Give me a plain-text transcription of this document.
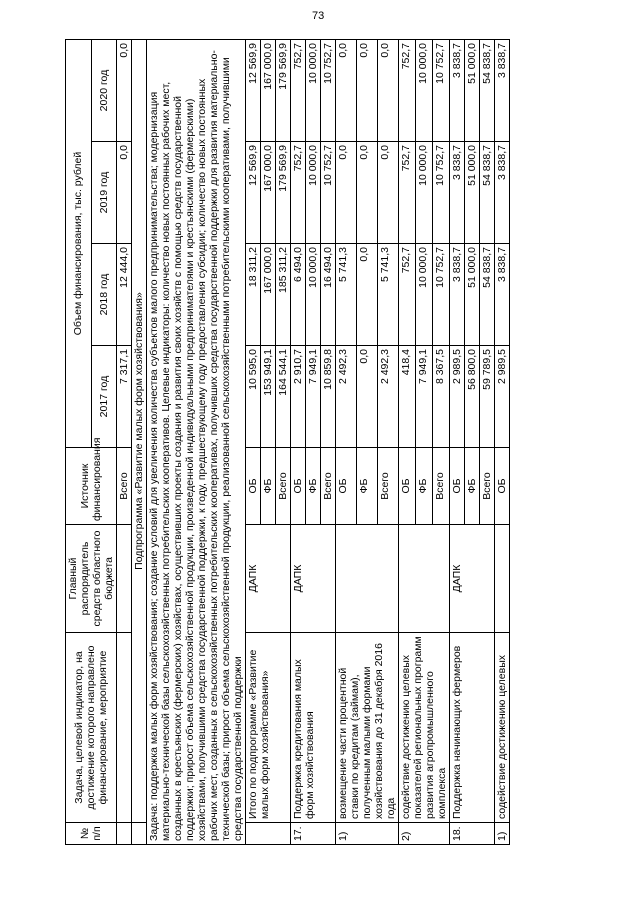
73
№ п/п	Задача, целевой индикатор, на достижение которого направлено финансирование, мероприятие	Главный распорядитель средств областного бюджета	Источник финансирования	Объем финансирования, тыс. рублей			
				2017 год	2018 год	2019 год	2020 год
			Всего	7 317,1	12 444,0	0,0	0,0
	Подпрограмма «Развитие малых форм хозяйствования»						
Задача: поддержка малых форм хозяйствования; создание условий для увеличения количества субъектов малого предпринимательства; модернизация материально-технической базы сельскохозяйственных потребительских кооперативов. Целевые индикаторы: количество новых постоянных рабочих мест, созданных в крестьянских (фермерских) хозяйствах, осуществивших проекты создания и развития своих хозяйств с помощью средств государственной поддержки; прирост объема сельскохозяйственной продукции, произведенной индивидуальными предпринимателями и крестьянскими (фермерскими) хозяйствами, получившими средства государственной поддержки, к году, предшествующему году предоставления субсидии; количество новых постоянных рабочих мест, созданных в сельскохозяйственных потребительских кооперативах, получивших средства государственной поддержки для развития материально-технической базы; прирост объема сельскохозяйственной продукции, реализованной сельскохозяйственными потребительскими кооперативами, получившими средства государственной поддержки							
	Итого по подпрограмме «Развитие малых форм хозяйствования»	ДАПК	ОБ	10 595,0	18 311,2	12 569,9	12 569,9
			ФБ	153 949,1	167 000,0	167 000,0	167 000,0
			Всего	164 544,1	185 311,2	179 569,9	179 569,9
17.	Поддержка кредитования малых форм хозяйствования	ДАПК	ОБ	2 910,7	6 494,0	752,7	752,7
			ФБ	7 949,1	10 000,0	10 000,0	10 000,0
			Всего	10 859,8	16 494,0	10 752,7	10 752,7
1)	возмещение части процентной ставки по кредитам (займам), полученным малыми формами хозяйствования до 31 декабря 2016 года		ОБ	2 492,3	5 741,3	0,0	0,0
			ФБ	0,0	0,0	0,0	0,0
			Всего	2 492,3	5 741,3	0,0	0,0
2)	содействие достижению целевых показателей региональных программ развития агропромышленного комплекса		ОБ	418,4	752,7	752,7	752,7
			ФБ	7 949,1	10 000,0	10 000,0	10 000,0
			Всего	8 367,5	10 752,7	10 752,7	10 752,7
18.	Поддержка начинающих фермеров	ДАПК	ОБ	2 989,5	3 838,7	3 838,7	3 838,7
			ФБ	56 800,0	51 000,0	51 000,0	51 000,0
			Всего	59 789,5	54 838,7	54 838,7	54 838,7
1)	содействие достижению целевых		ОБ	2 989,5	3 838,7	3 838,7	3 838,7
